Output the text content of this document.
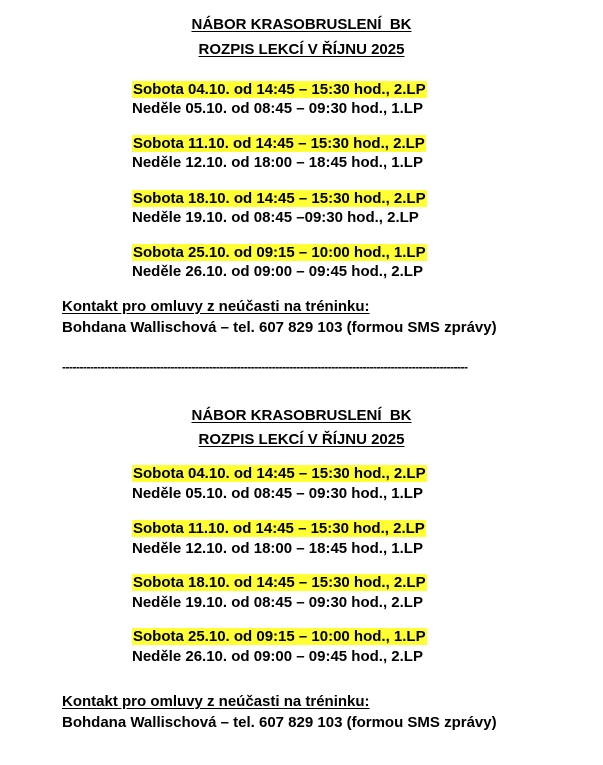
NÁBOR KRASOBRUSLENÍ  BK
ROZPIS LEKCÍ V ŘÍJNU 2025
Sobota 04.10. od 14:45 – 15:30 hod., 2.LP
Neděle 05.10. od 08:45 – 09:30 hod., 1.LP
Sobota 11.10. od 14:45 – 15:30 hod., 2.LP
Neděle 12.10. od 18:00 – 18:45 hod., 1.LP
Sobota 18.10. od 14:45 – 15:30 hod., 2.LP
Neděle 19.10. od 08:45 –09:30 hod., 2.LP
Sobota 25.10. od 09:15 – 10:00 hod., 1.LP
Neděle 26.10. od 09:00 – 09:45 hod., 2.LP
Kontakt pro omluvy z neúčasti na tréninku:
Bohdana Wallischová – tel. 607 829 103 (formou SMS zprávy)
--------------------------------------------------------------------------------------------------------------------
NÁBOR KRASOBRUSLENÍ  BK
ROZPIS LEKCÍ V ŘÍJNU 2025
Sobota 04.10. od 14:45 – 15:30 hod., 2.LP
Neděle 05.10. od 08:45 – 09:30 hod., 1.LP
Sobota 11.10. od 14:45 – 15:30 hod., 2.LP
Neděle 12.10. od 18:00 – 18:45 hod., 1.LP
Sobota 18.10. od 14:45 – 15:30 hod., 2.LP
Neděle 19.10. od 08:45 – 09:30 hod., 2.LP
Sobota 25.10. od 09:15 – 10:00 hod., 1.LP
Neděle 26.10. od 09:00 – 09:45 hod., 2.LP
Kontakt pro omluvy z neúčasti na tréninku:
Bohdana Wallischová – tel. 607 829 103 (formou SMS zprávy)
